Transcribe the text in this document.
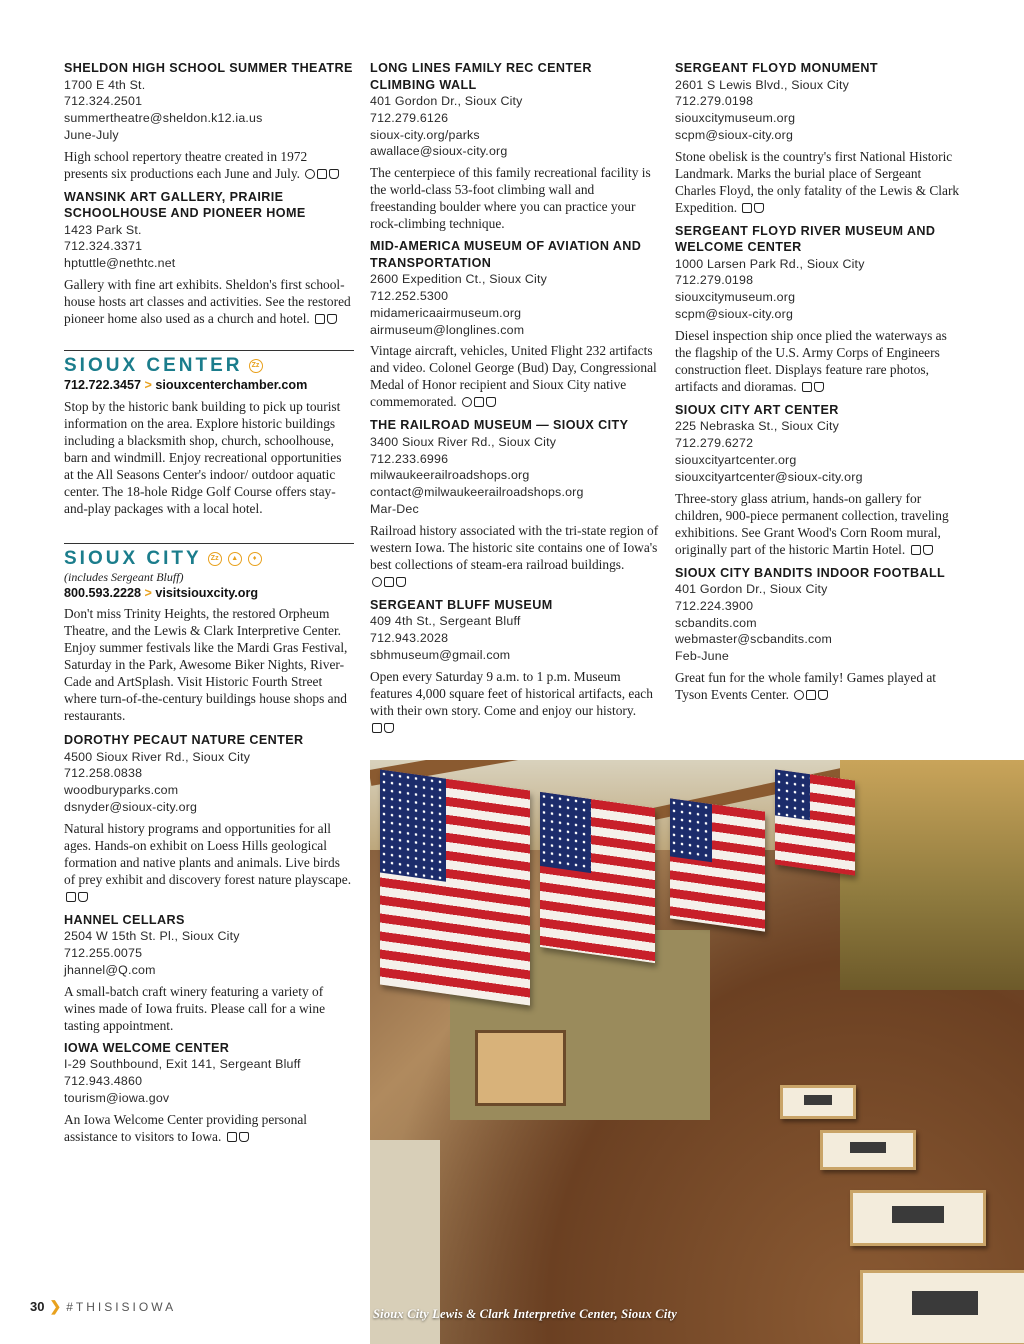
SHELDON HIGH SCHOOL SUMMER THEATRE
1700 E 4th St.
712.324.2501
summertheatre@sheldon.k12.ia.us
June-July
High school repertory theatre created in 1972 presents six productions each June and July.
WANSINK ART GALLERY, PRAIRIE SCHOOLHOUSE AND PIONEER HOME
1423 Park St.
712.324.3371
hptuttle@nethtc.net
Gallery with fine art exhibits. Sheldon's first school-house hosts art classes and activities. See the restored pioneer home also used as a church and hotel.
SIOUX CENTER	Zz
712.722.3457 > siouxcenterchamber.com
Stop by the historic bank building to pick up tourist information on the area. Explore historic buildings including a blacksmith shop, church, schoolhouse, barn and windmill. Enjoy recreational opportunities at the All Seasons Center's indoor/ outdoor aquatic center. The 18-hole Ridge Golf Course offers stay-and-play packages with a local hotel.
SIOUX CITY	Zz	▲	♦
(includes Sergeant Bluff)
800.593.2228 > visitsiouxcity.org
Don't miss Trinity Heights, the restored Orpheum Theatre, and the Lewis & Clark Interpretive Center. Enjoy summer festivals like the Mardi Gras Festival, Saturday in the Park, Awesome Biker Nights, River-Cade and ArtSplash. Visit Historic Fourth Street where turn-of-the-century buildings house shops and restaurants.
DOROTHY PECAUT NATURE CENTER
4500 Sioux River Rd., Sioux City
712.258.0838
woodburyparks.com
dsnyder@sioux-city.org
Natural history programs and opportunities for all ages. Hands-on exhibit on Loess Hills geological formation and native plants and animals. Live birds of prey exhibit and discovery forest nature playscape.
HANNEL CELLARS
2504 W 15th St. Pl., Sioux City
712.255.0075
jhannel@Q.com
A small-batch craft winery featuring a variety of wines made of Iowa fruits. Please call for a wine tasting appointment.
IOWA WELCOME CENTER
I-29 Southbound, Exit 141, Sergeant Bluff
712.943.4860
tourism@iowa.gov
An Iowa Welcome Center providing personal assistance to visitors to Iowa.
LONG LINES FAMILY REC CENTER CLIMBING WALL
401 Gordon Dr., Sioux City
712.279.6126
sioux-city.org/parks
awallace@sioux-city.org
The centerpiece of this family recreational facility is the world-class 53-foot climbing wall and freestanding boulder where you can practice your rock-climbing technique.
MID-AMERICA MUSEUM OF AVIATION AND TRANSPORTATION
2600 Expedition Ct., Sioux City
712.252.5300
midamericaairmuseum.org
airmuseum@longlines.com
Vintage aircraft, vehicles, United Flight 232 artifacts and video. Colonel George (Bud) Day, Congressional Medal of Honor recipient and Sioux City native commemorated.
THE RAILROAD MUSEUM — SIOUX CITY
3400 Sioux River Rd., Sioux City
712.233.6996
milwaukeerailroadshops.org
contact@milwaukeerailroadshops.org
Mar-Dec
Railroad history associated with the tri-state region of western Iowa. The historic site contains one of Iowa's best collections of steam-era railroad buildings.
SERGEANT BLUFF MUSEUM
409 4th St., Sergeant Bluff
712.943.2028
sbhmuseum@gmail.com
Open every Saturday 9 a.m. to 1 p.m. Museum features 4,000 square feet of historical artifacts, each with their own story. Come and enjoy our history.
SERGEANT FLOYD MONUMENT
2601 S Lewis Blvd., Sioux City
712.279.0198
siouxcitymuseum.org
scpm@sioux-city.org
Stone obelisk is the country's first National Historic Landmark. Marks the burial place of Sergeant Charles Floyd, the only fatality of the Lewis & Clark Expedition.
SERGEANT FLOYD RIVER MUSEUM AND WELCOME CENTER
1000 Larsen Park Rd., Sioux City
712.279.0198
siouxcitymuseum.org
scpm@sioux-city.org
Diesel inspection ship once plied the waterways as the flagship of the U.S. Army Corps of Engineers construction fleet. Displays feature rare photos, artifacts and dioramas.
SIOUX CITY ART CENTER
225 Nebraska St., Sioux City
712.279.6272
siouxcityartcenter.org
siouxcityartcenter@sioux-city.org
Three-story glass atrium, hands-on gallery for children, 900-piece permanent collection, traveling exhibitions. See Grant Wood's Corn Room mural, originally part of the historic Martin Hotel.
SIOUX CITY BANDITS INDOOR FOOTBALL
401 Gordon Dr., Sioux City
712.224.3900
scbandits.com
webmaster@scbandits.com
Feb-June
Great fun for the whole family! Games played at Tyson Events Center.
Sioux City Lewis & Clark Interpretive Center, Sioux City
30 ❯ #THISISIOWA
